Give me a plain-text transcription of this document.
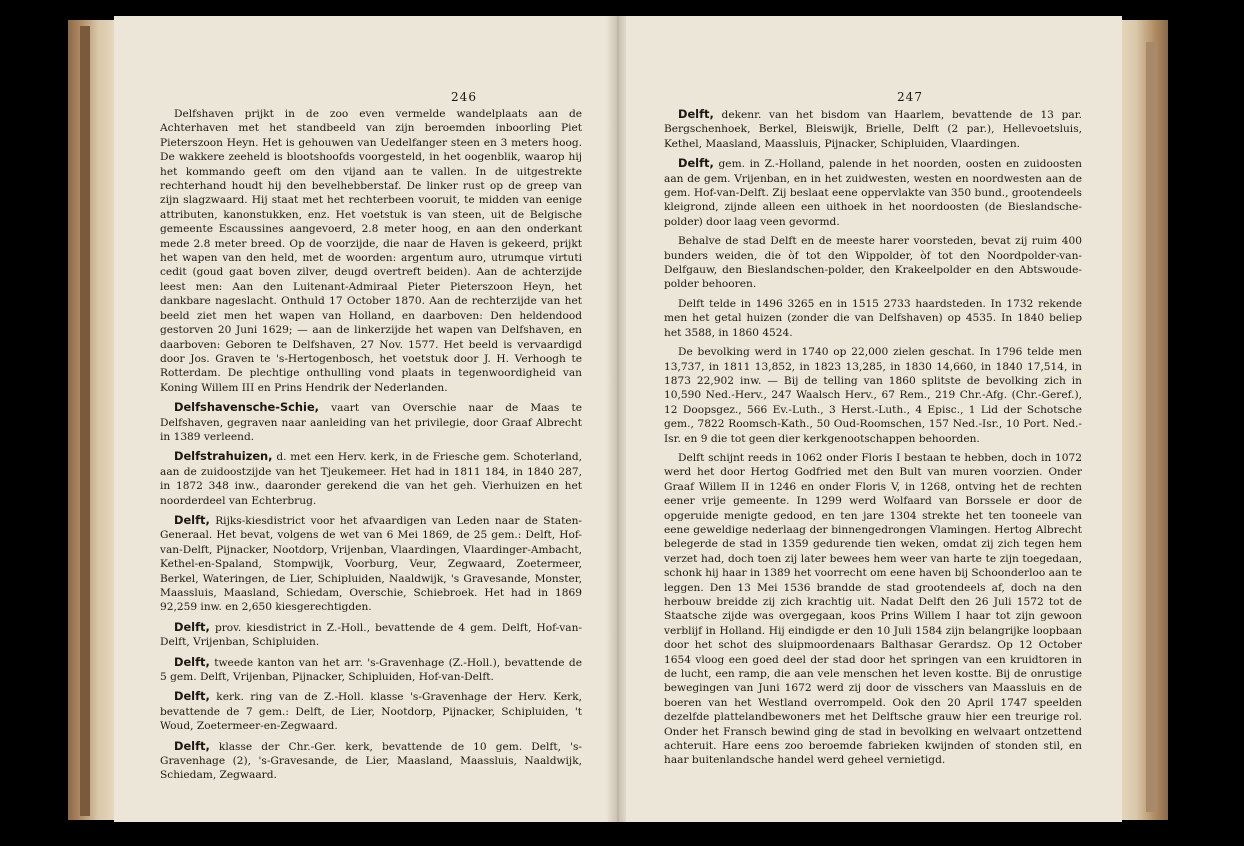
246

Delfshaven prijkt in de zoo even vermelde wandelplaats aan de Achterhaven met het standbeeld van zijn beroemden inboorling Piet Pieterszoon Heyn. Het is gehouwen van Uedelfanger steen en 3 meters hoog. De wakkere zeeheld is blootshoofds voorgesteld, in het oogenblik, waarop hij het kommando geeft om den vijand aan te vallen. In de uitgestrekte rechterhand houdt hij den bevelhebberstaf. De linker rust op de greep van zijn slagzwaard. Hij staat met het rechterbeen vooruit, te midden van eenige attributen, kanonstukken, enz. Het voetstuk is van steen, uit de Belgische gemeente Escaussines aangevoerd, 2.8 meter hoog, en aan den onderkant mede 2.8 meter breed. Op de voorzijde, die naar de Haven is gekeerd, prijkt het wapen van den held, met de woorden: argentum auro, utrumque virtuti cedit (goud gaat boven zilver, deugd overtreft beiden). Aan de achterzijde leest men: Aan den Luitenant-Admiraal Pieter Pieterszoon Heyn, het dankbare nageslacht. Onthuld 17 October 1870. Aan de rechterzijde van het beeld ziet men het wapen van Holland, en daarboven: Den heldendood gestorven 20 Juni 1629; — aan de linkerzijde het wapen van Delfshaven, en daarboven: Geboren te Delfshaven, 27 Nov. 1577. Het beeld is vervaardigd door Jos. Graven te 's-Hertogenbosch, het voetstuk door J. H. Verhoogh te Rotterdam. De plechtige onthulling vond plaats in tegenwoordigheid van Koning Willem III en Prins Hendrik der Nederlanden.

Delfshavensche-Schie, vaart van Overschie naar de Maas te Delfshaven, gegraven naar aanleiding van het privilegie, door Graaf Albrecht in 1389 verleend.

Delfstrahuizen, d. met een Herv. kerk, in de Friesche gem. Schoterland, aan de zuidoostzijde van het Tjeukemeer. Het had in 1811 184, in 1840 287, in 1872 348 inw., daaronder gerekend die van het geh. Vierhuizen en het noorderdeel van Echterbrug.

Delft, Rijks-kiesdistrict voor het afvaardigen van Leden naar de Staten-Generaal. Het bevat, volgens de wet van 6 Mei 1869, de 25 gem.: Delft, Hof-van-Delft, Pijnacker, Nootdorp, Vrijenban, Vlaardingen, Vlaardinger-Ambacht, Kethel-en-Spaland, Stompwijk, Voorburg, Veur, Zegwaard, Zoetermeer, Berkel, Wateringen, de Lier, Schipluiden, Naaldwijk, 's Gravesande, Monster, Maassluis, Maasland, Schiedam, Overschie, Schiebroek. Het had in 1869 92,259 inw. en 2,650 kiesgerechtigden.

Delft, prov. kiesdistrict in Z.-Holl., bevattende de 4 gem. Delft, Hof-van-Delft, Vrijenban, Schipluiden.

Delft, tweede kanton van het arr. 's-Gravenhage (Z.-Holl.), bevattende de 5 gem. Delft, Vrijenban, Pijnacker, Schipluiden, Hof-van-Delft.

Delft, kerk. ring van de Z.-Holl. klasse 's-Gravenhage der Herv. Kerk, bevattende de 7 gem.: Delft, de Lier, Nootdorp, Pijnacker, Schipluiden, 't Woud, Zoetermeer-en-Zegwaard.

Delft, klasse der Chr.-Ger. kerk, bevattende de 10 gem. Delft, 's-Gravenhage (2), 's-Gravesande, de Lier, Maasland, Maassluis, Naaldwijk, Schiedam, Zegwaard.

247

Delft, dekenr. van het bisdom van Haarlem, bevattende de 13 par. Bergschenhoek, Berkel, Bleiswijk, Brielle, Delft (2 par.), Hellevoetsluis, Kethel, Maasland, Maassluis, Pijnacker, Schipluiden, Vlaardingen.

Delft, gem. in Z.-Holland, palende in het noorden, oosten en zuidoosten aan de gem. Vrijenban, en in het zuidwesten, westen en noordwesten aan de gem. Hof-van-Delft. Zij beslaat eene oppervlakte van 350 bund., grootendeels kleigrond, zijnde alleen een uithoek in het noordoosten (de Bieslandsche-polder) door laag veen gevormd.

Behalve de stad Delft en de meeste harer voorsteden, bevat zij ruim 400 bunders weiden, die òf tot den Wippolder, òf tot den Noordpolder-van-Delfgauw, den Bieslandschen-polder, den Krakeelpolder en den Abtswoude-polder behooren.

Delft telde in 1496 3265 en in 1515 2733 haardsteden. In 1732 rekende men het getal huizen (zonder die van Delfshaven) op 4535. In 1840 beliep het 3588, in 1860 4524.

De bevolking werd in 1740 op 22,000 zielen geschat. In 1796 telde men 13,737, in 1811 13,852, in 1823 13,285, in 1830 14,660, in 1840 17,514, in 1873 22,902 inw. — Bij de telling van 1860 splitste de bevolking zich in 10,590 Ned.-Herv., 247 Waalsch Herv., 67 Rem., 219 Chr.-Afg. (Chr.-Geref.), 12 Doopsgez., 566 Ev.-Luth., 3 Herst.-Luth., 4 Episc., 1 Lid der Schotsche gem., 7822 Roomsch-Kath., 50 Oud-Roomschen, 157 Ned.-Isr., 10 Port. Ned.-Isr. en 9 die tot geen dier kerkgenootschappen behoorden.

Delft schijnt reeds in 1062 onder Floris I bestaan te hebben, doch in 1072 werd het door Hertog Godfried met den Bult van muren voorzien. Onder Graaf Willem II in 1246 en onder Floris V, in 1268, ontving het de rechten eener vrije gemeente. In 1299 werd Wolfaard van Borssele er door de opgeruide menigte gedood, en ten jare 1304 strekte het ten tooneele van eene geweldige nederlaag der binnengedrongen Vlamingen. Hertog Albrecht belegerde de stad in 1359 gedurende tien weken, omdat zij zich tegen hem verzet had, doch toen zij later bewees hem weer van harte te zijn toegedaan, schonk hij haar in 1389 het voorrecht om eene haven bij Schoonderloo aan te leggen. Den 13 Mei 1536 brandde de stad grootendeels af, doch na den herbouw breidde zij zich krachtig uit. Nadat Delft den 26 Juli 1572 tot de Staatsche zijde was overgegaan, koos Prins Willem I haar tot zijn gewoon verblijf in Holland. Hij eindigde er den 10 Juli 1584 zijn belangrijke loopbaan door het schot des sluipmoordenaars Balthasar Gerardsz. Op 12 October 1654 vloog een goed deel der stad door het springen van een kruidtoren in de lucht, een ramp, die aan vele menschen het leven kostte. Bij de onrustige bewegingen van Juni 1672 werd zij door de visschers van Maassluis en de boeren van het Westland overrompeld. Ook den 20 April 1747 speelden dezelfde plattelandbewoners met het Delftsche grauw hier een treurige rol. Onder het Fransch bewind ging de stad in bevolking en welvaart ontzettend achteruit. Hare eens zoo beroemde fabrieken kwijnden of stonden stil, en haar buitenlandsche handel werd geheel vernietigd.
